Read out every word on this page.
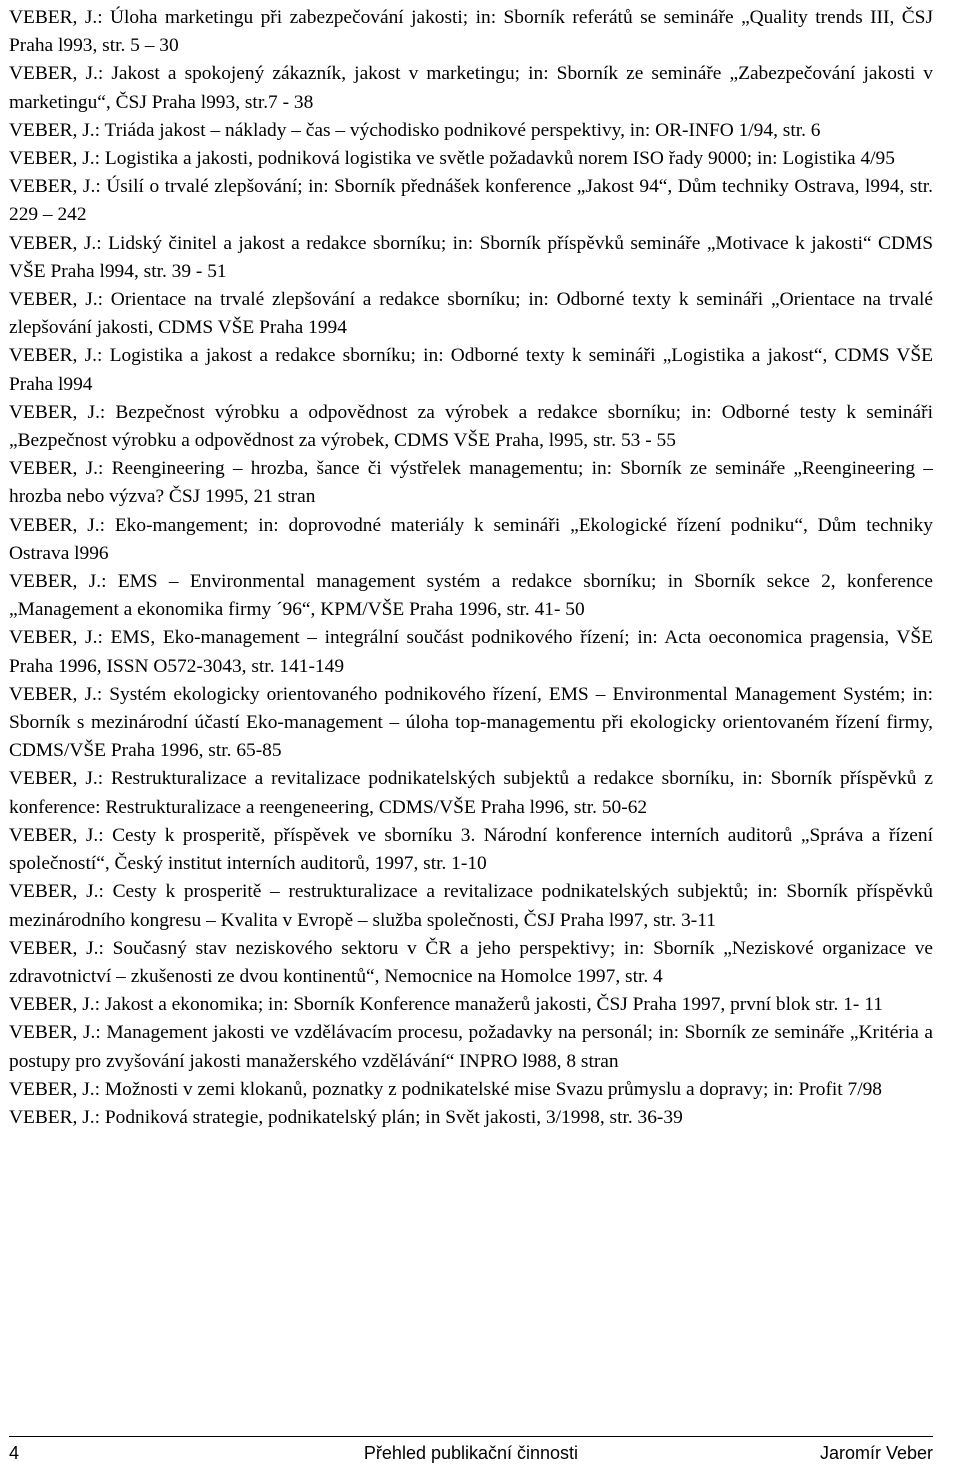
VEBER, J.: Úloha marketingu při zabezpečování jakosti; in: Sborník referátů se semináře „Quality trends III, ČSJ Praha l993, str. 5 – 30

VEBER, J.: Jakost a spokojený zákazník, jakost v marketingu; in: Sborník ze semináře „Zabezpečování jakosti v marketingu“, ČSJ Praha l993, str.7 - 38

VEBER, J.: Triáda jakost – náklady – čas – východisko podnikové perspektivy, in: OR-INFO 1/94, str. 6

VEBER, J.: Logistika a jakosti, podniková logistika ve světle požadavků norem ISO řady 9000; in: Logistika 4/95

VEBER, J.: Úsilí o trvalé zlepšování; in: Sborník přednášek konference „Jakost 94“, Dům techniky Ostrava, l994, str. 229 – 242

VEBER, J.: Lidský činitel a jakost a redakce sborníku; in: Sborník příspěvků semináře „Motivace k jakosti“ CDMS VŠE Praha l994, str. 39 - 51

VEBER, J.: Orientace na trvalé zlepšování a redakce sborníku; in: Odborné texty k semináři „Orientace na trvalé zlepšování jakosti, CDMS VŠE Praha 1994

VEBER, J.: Logistika a jakost a redakce sborníku; in: Odborné texty k semináři „Logistika a jakost“, CDMS VŠE Praha l994

VEBER, J.: Bezpečnost výrobku a odpovědnost za výrobek a redakce sborníku; in: Odborné testy k semináři „Bezpečnost výrobku a odpovědnost za výrobek, CDMS VŠE Praha, l995, str. 53 - 55

VEBER, J.: Reengineering – hrozba, šance či výstřelek managementu; in: Sborník ze semináře „Reengineering – hrozba nebo výzva? ČSJ 1995, 21 stran

VEBER, J.: Eko-mangement; in: doprovodné materiály k semináři „Ekologické řízení podniku“, Dům techniky Ostrava l996

VEBER, J.: EMS – Environmental management systém a redakce sborníku; in Sborník sekce 2, konference „Management a ekonomika firmy ´96“, KPM/VŠE Praha 1996, str. 41- 50

VEBER, J.: EMS, Eko-management – integrální součást podnikového řízení; in: Acta oeconomica pragensia, VŠE Praha 1996, ISSN O572-3043, str. 141-149

VEBER, J.: Systém ekologicky orientovaného podnikového řízení, EMS – Environmental Management Systém; in: Sborník s mezinárodní účastí Eko-management – úloha top-managementu při ekologicky orientovaném řízení firmy, CDMS/VŠE Praha 1996, str. 65-85

VEBER, J.: Restrukturalizace a revitalizace podnikatelských subjektů a redakce sborníku, in: Sborník příspěvků z konference: Restrukturalizace a reengeneering, CDMS/VŠE Praha l996, str. 50-62

VEBER, J.: Cesty k prosperitě, příspěvek ve sborníku 3. Národní konference interních auditorů „Správa a řízení společností“, Český institut interních auditorů, 1997, str. 1-10

VEBER, J.: Cesty k prosperitě – restrukturalizace a revitalizace podnikatelských subjektů; in: Sborník příspěvků mezinárodního kongresu – Kvalita v Evropě – služba společnosti, ČSJ Praha l997, str. 3-11

VEBER, J.: Současný stav neziskového sektoru v ČR a jeho perspektivy; in: Sborník „Neziskové organizace ve zdravotnictví – zkušenosti ze dvou kontinentů“, Nemocnice na Homolce 1997, str. 4

VEBER, J.: Jakost a ekonomika; in: Sborník Konference manažerů jakosti, ČSJ Praha 1997, první blok str. 1- 11

VEBER, J.: Management jakosti ve vzdělávacím procesu, požadavky na personál; in: Sborník ze semináře „Kritéria a postupy pro zvyšování jakosti manažerského vzdělávání“ INPRO l988, 8 stran

VEBER, J.: Možnosti v zemi klokanů, poznatky z podnikatelské mise Svazu průmyslu a dopravy; in: Profit 7/98

VEBER, J.: Podniková strategie, podnikatelský plán; in Svět jakosti, 3/1998, str. 36-39

4	Přehled publikační činnosti	Jaromír Veber
